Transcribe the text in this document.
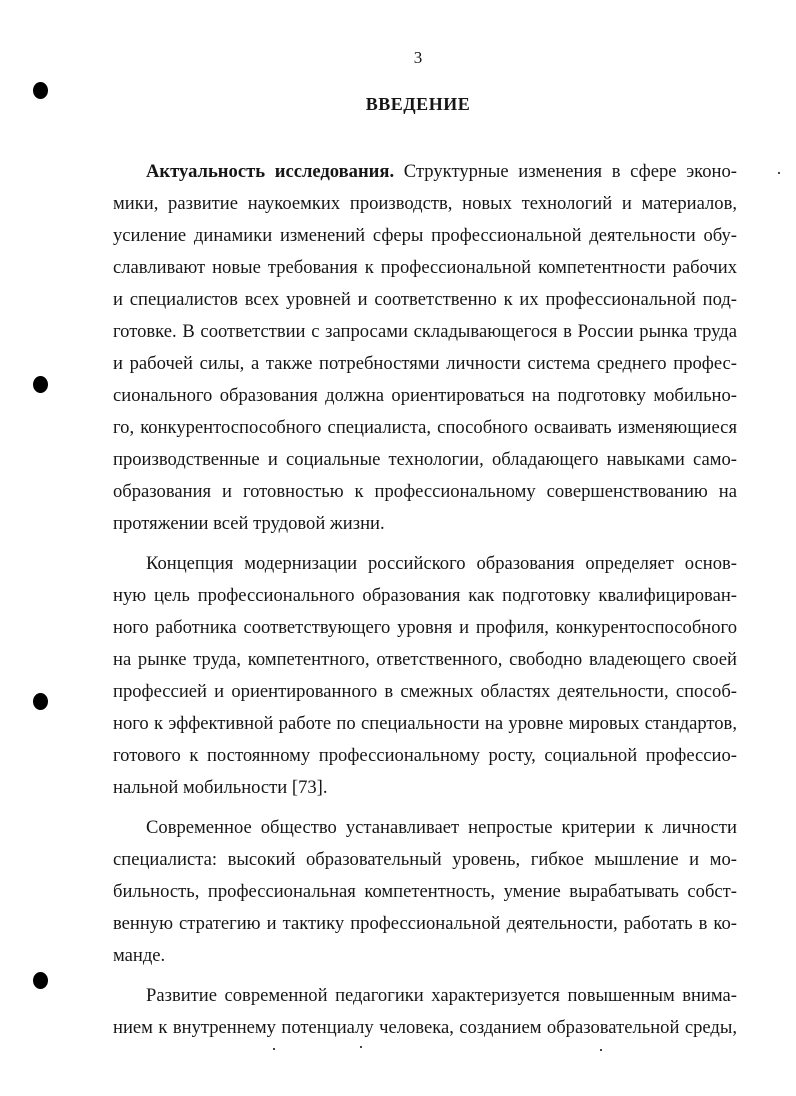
3
ВВЕДЕНИЕ
Актуальность исследования. Структурные изменения в сфере эконо-
мики, развитие наукоемких производств, новых технологий и материалов,
усиление динамики изменений сферы профессиональной деятельности обу-
славливают новые требования к профессиональной компетентности рабочих
и специалистов всех уровней и соответственно к их профессиональной под-
готовке. В соответствии с запросами складывающегося в России рынка труда
и рабочей силы, а также потребностями личности система среднего профес-
сионального образования должна ориентироваться на подготовку мобильно-
го, конкурентоспособного специалиста, способного осваивать изменяющиеся
производственные и социальные технологии, обладающего навыками само-
образования и готовностью к профессиональному совершенствованию на
протяжении всей трудовой жизни.
Концепция модернизации российского образования определяет основ-
ную цель профессионального образования как подготовку квалифицирован-
ного работника соответствующего уровня и профиля, конкурентоспособного
на рынке труда, компетентного, ответственного, свободно владеющего своей
профессией и ориентированного в смежных областях деятельности, способ-
ного к эффективной работе по специальности на уровне мировых стандартов,
готового к постоянному профессиональному росту, социальной профессио-
нальной мобильности [73].
Современное общество устанавливает непростые критерии к личности
специалиста: высокий образовательный уровень, гибкое мышление и мо-
бильность, профессиональная компетентность, умение вырабатывать собст-
венную стратегию и тактику профессиональной деятельности, работать в ко-
манде.
Развитие современной педагогики характеризуется повышенным внима-
нием к внутреннему потенциалу человека, созданием образовательной среды,
